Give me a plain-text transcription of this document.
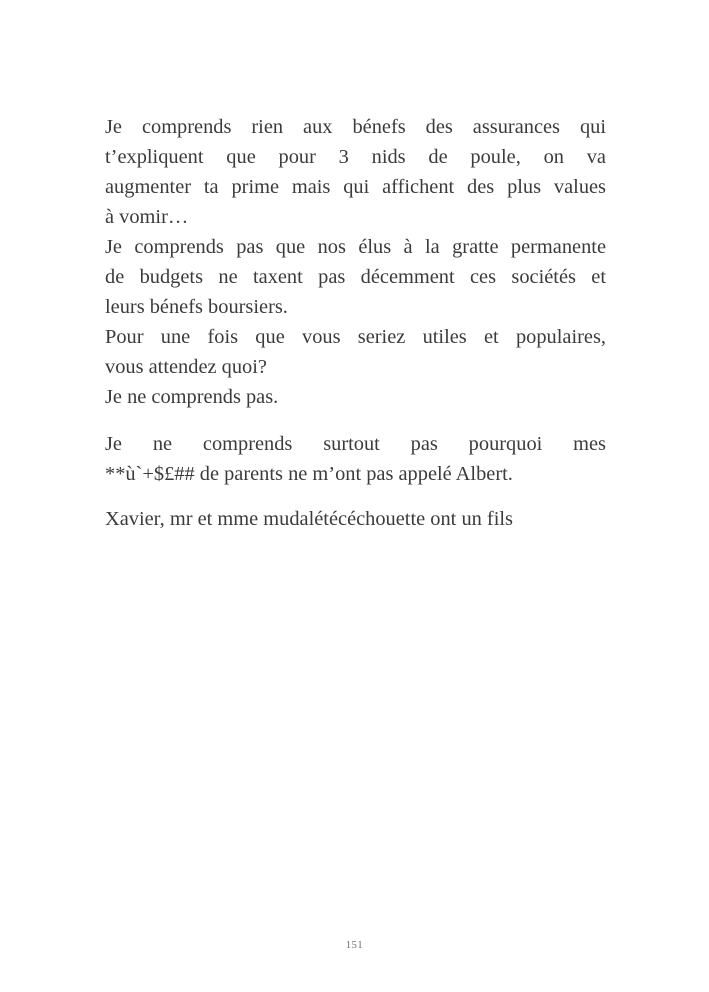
Je comprends rien aux bénefs des assurances qui
t’expliquent que pour 3 nids de poule, on va
augmenter ta prime mais qui affichent des plus values
à vomir…
Je comprends pas que nos élus à la gratte permanente
de budgets ne taxent pas décemment ces sociétés et
leurs bénefs boursiers.
Pour une fois que vous seriez utiles et populaires,
vous attendez quoi?
Je ne comprends pas.
Je ne comprends surtout pas pourquoi mes
**ù`+$£## de parents ne m’ont pas appelé Albert.
Xavier, mr et mme mudalétécéchouette ont un fils
151
